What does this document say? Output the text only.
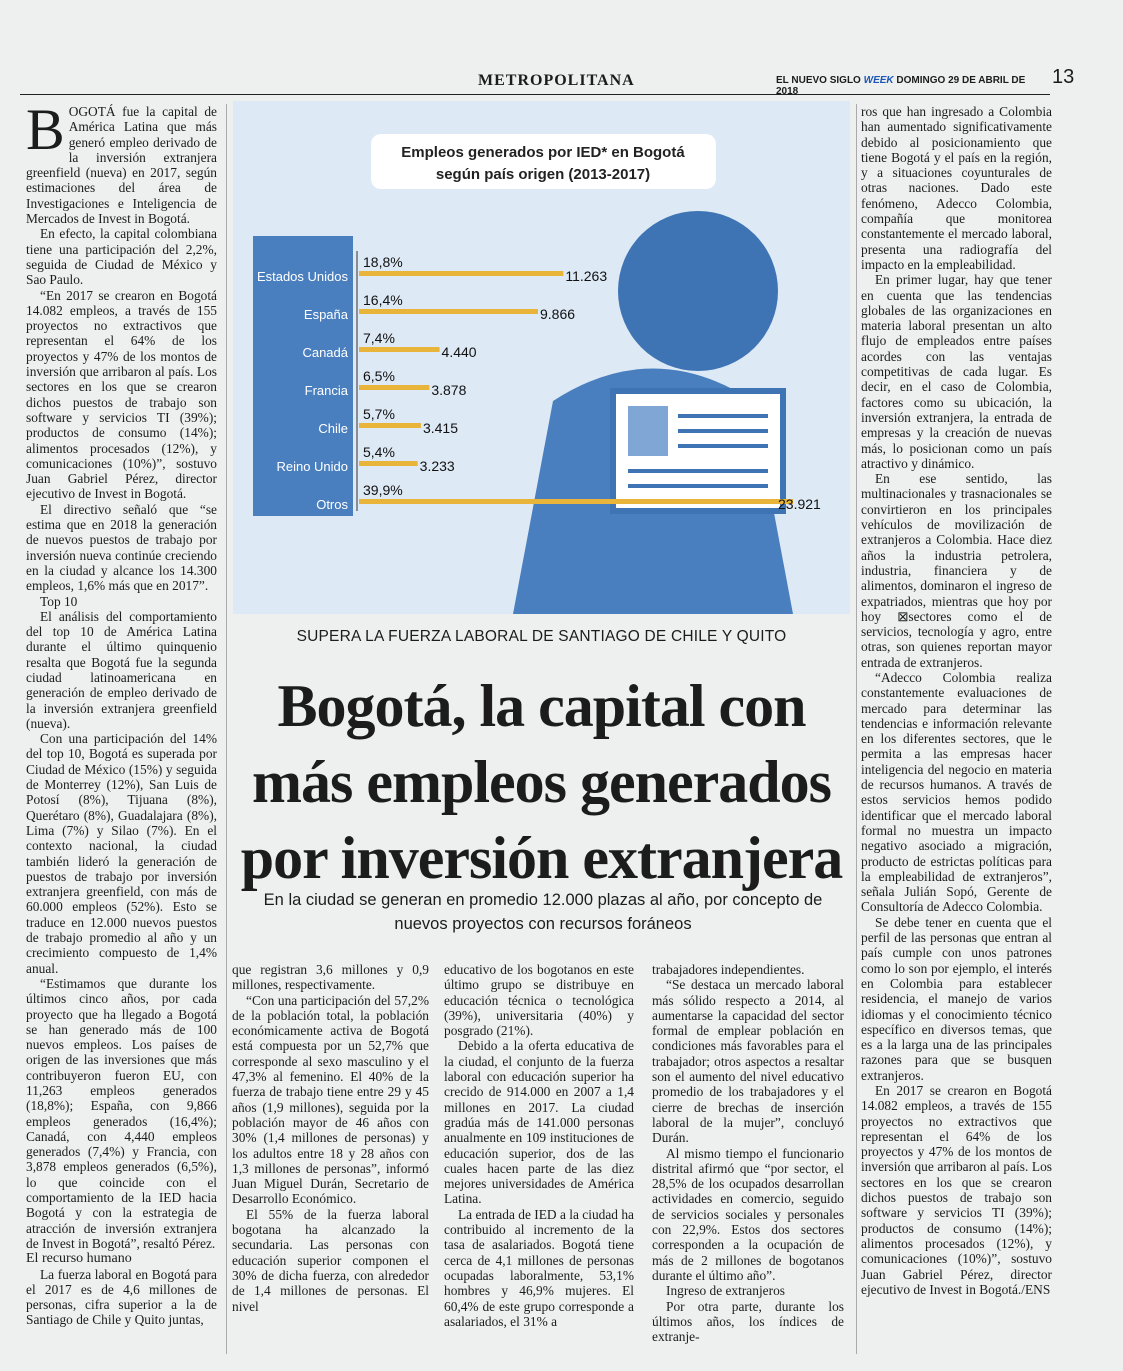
METROPOLITANA	EL NUEVO SIGLO WEEK DOMINGO 29 DE ABRIL DE 2018
13

BOGOTÁ fue la capital de América Latina que más generó empleo derivado de la inversión extranjera greenfield (nueva) en 2017, según estimaciones del área de Investigaciones e Inteligencia de Mercados de Invest in Bogotá.

En efecto, la capital colombiana tiene una participación del 2,2%, seguida de Ciudad de México y Sao Paulo.

“En 2017 se crearon en Bogotá 14.082 empleos, a través de 155 proyectos no extractivos que representan el 64% de los proyectos y 47% de los montos de inversión que arribaron al país. Los sectores en los que se crearon dichos puestos de trabajo son software y servicios TI (39%); productos de consumo (14%); alimentos procesados (12%), y comunicaciones (10%)”, sostuvo Juan Gabriel Pérez, director ejecutivo de Invest in Bogotá.

El directivo señaló que “se estima que en 2018 la generación de nuevos puestos de trabajo por inversión nueva continúe creciendo en la ciudad y alcance los 14.300 empleos, 1,6% más que en 2017”.

Top 10

El análisis del comportamiento del top 10 de América Latina durante el último quinquenio resalta que Bogotá fue la segunda ciudad latinoamericana en generación de empleo derivado de la inversión extranjera greenfield (nueva).

Con una participación del 14% del top 10, Bogotá es superada por Ciudad de México (15%) y seguida de Monterrey (12%), San Luis de Potosí (8%), Tijuana (8%), Querétaro (8%), Guadalajara (8%), Lima (7%) y Silao (7%). En el contexto nacional, la ciudad también lideró la generación de puestos de trabajo por inversión extranjera greenfield, con más de 60.000 empleos (52%). Esto se traduce en 12.000 nuevos puestos de trabajo promedio al año y un crecimiento compuesto de 1,4% anual.

“Estimamos que durante los últimos cinco años, por cada proyecto que ha llegado a Bogotá se han generado más de 100 nuevos empleos. Los países de origen de las inversiones que más contribuyeron fueron EU, con 11,263 empleos generados (18,8%); España, con 9,866 empleos generados (16,4%); Canadá, con 4,440 empleos generados (7,4%) y Francia, con 3,878 empleos generados (6,5%), lo que coincide con el comportamiento de la IED hacia Bogotá y con la estrategia de atracción de inversión extranjera de Invest in Bogotá”, resaltó Pérez.

El recurso humano

La fuerza laboral en Bogotá para el 2017 es de 4,6 millones de personas, cifra superior a la de Santiago de Chile y Quito juntas,

Empleos generados por IED* en Bogotá
según país origen (2013-2017)
Estados Unidos
18,8%
11.263
España
16,4%
9.866
Canadá
7,4%
4.440
Francia
6,5%
3.878
Chile
5,7%
3.415
Reino Unido
5,4%
3.233
Otros
39,9%
23.921
SUPERA LA FUERZA LABORAL DE SANTIAGO DE CHILE Y QUITO
Bogotá, la capital con más empleos generados por inversión extranjera
En la ciudad se generan en promedio 12.000 plazas al año, por concepto de nuevos proyectos con recursos foráneos

que registran 3,6 millones y 0,9 millones, respectivamente.

“Con una participación del 57,2% de la población total, la población económicamente activa de Bogotá está compuesta por un 52,7% que corresponde al sexo masculino y el 47,3% al femenino. El 40% de la fuerza de trabajo tiene entre 29 y 45 años (1,9 millones), seguida por la población mayor de 46 años con 30% (1,4 millones de personas) y los adultos entre 18 y 28 años con 1,3 millones de personas”, informó Juan Miguel Durán, Secretario de Desarrollo Económico.

El 55% de la fuerza laboral bogotana ha alcanzado la secundaria. Las personas con educación superior componen el 30% de dicha fuerza, con alrededor de 1,4 millones de personas. El nivel

educativo de los bogotanos en este último grupo se distribuye en educación técnica o tecnológica (39%), universitaria (40%) y posgrado (21%).

Debido a la oferta educativa de la ciudad, el conjunto de la fuerza laboral con educación superior ha crecido de 914.000 en 2007 a 1,4 millones en 2017. La ciudad gradúa más de 141.000 personas anualmente en 109 instituciones de educación superior, dos de las cuales hacen parte de las diez mejores universidades de América Latina.

La entrada de IED a la ciudad ha contribuido al incremento de la tasa de asalariados. Bogotá tiene cerca de 4,1 millones de personas ocupadas laboralmente, 53,1% hombres y 46,9% mujeres. El 60,4% de este grupo corresponde a asalariados, el 31% a

trabajadores independientes.

“Se destaca un mercado laboral más sólido respecto a 2014, al aumentarse la capacidad del sector formal de emplear población en condiciones más favorables para el trabajador; otros aspectos a resaltar son el aumento del nivel educativo promedio de los trabajadores y el cierre de brechas de inserción laboral de la mujer”, concluyó Durán.

Al mismo tiempo el funcionario distrital afirmó que “por sector, el 28,5% de los ocupados desarrollan actividades en comercio, seguido de servicios sociales y personales con 22,9%. Estos dos sectores corresponden a la ocupación de más de 2 millones de bogotanos durante el último año”.

Ingreso de extranjeros

Por otra parte, durante los últimos años, los índices de extranje-

ros que han ingresado a Colombia han aumentado significativamente debido al posicionamiento que tiene Bogotá y el país en la región, y a situaciones coyunturales de otras naciones. Dado este fenómeno, Adecco Colombia, compañía que monitorea constantemente el mercado laboral, presenta una radiografía del impacto en la empleabilidad.

En primer lugar, hay que tener en cuenta que las tendencias globales de las organizaciones en materia laboral presentan un alto flujo de empleados entre países acordes con las ventajas competitivas de cada lugar. Es decir, en el caso de Colombia, factores como su ubicación, la inversión extranjera, la entrada de empresas y la creación de nuevas más, lo posicionan como un país atractivo y dinámico.

En ese sentido, las multinacionales y trasnacionales se convirtieron en los principales vehículos de movilización de extranjeros a Colombia. Hace diez años la industria petrolera, industria, financiera y de alimentos, dominaron el ingreso de expatriados, mientras que hoy por hoy ⊠sectores como el de servicios, tecnología y agro, entre otras, son quienes reportan mayor entrada de extranjeros.

“Adecco Colombia realiza constantemente evaluaciones de mercado para determinar las tendencias e información relevante en los diferentes sectores, que le permita a las empresas hacer inteligencia del negocio en materia de recursos humanos. A través de estos servicios hemos podido identificar que el mercado laboral formal no muestra un impacto negativo asociado a migración, producto de estrictas políticas para la empleabilidad de extranjeros”, señala Julián Sopó, Gerente de Consultoría de Adecco Colombia.

Se debe tener en cuenta que el perfil de las personas que entran al país cumple con unos patrones como lo son por ejemplo, el interés en Colombia para establecer residencia, el manejo de varios idiomas y el conocimiento técnico específico en diversos temas, que es a la larga una de las principales razones para que se busquen extranjeros.

En 2017 se crearon en Bogotá 14.082 empleos, a través de 155 proyectos no extractivos que representan el 64% de los proyectos y 47% de los montos de inversión que arribaron al país. Los sectores en los que se crearon dichos puestos de trabajo son software y servicios TI (39%); productos de consumo (14%); alimentos procesados (12%), y comunicaciones (10%)”, sostuvo Juan Gabriel Pérez, director ejecutivo de Invest in Bogotá./ENS
